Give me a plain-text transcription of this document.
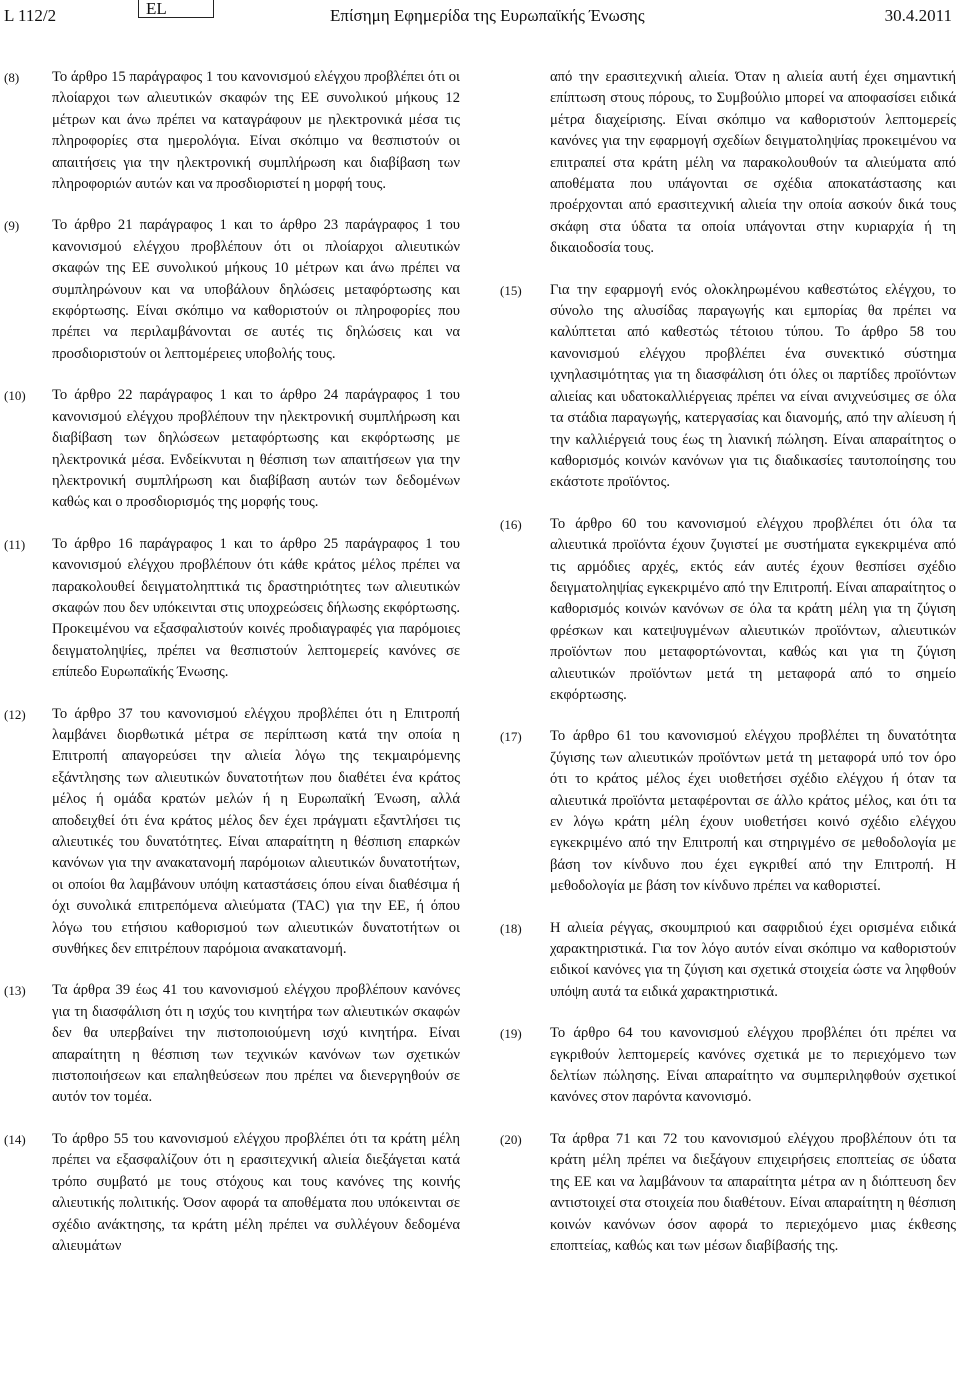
L 112/2	EL	Επίσημη Εφημερίδα της Ευρωπαϊκής Ένωσης	30.4.2011

(8) Το άρθρο 15 παράγραφος 1 του κανονισμού ελέγχου προβλέπει ότι οι πλοίαρχοι των αλιευτικών σκαφών της ΕΕ συνολικού μήκους 12 μέτρων και άνω πρέπει να καταγράφουν με ηλεκτρονικά μέσα τις πληροφορίες στα ημερολόγια. Είναι σκόπιμο να θεσπιστούν οι απαιτήσεις για την ηλεκτρονική συμπλήρωση και διαβίβαση των πληροφοριών αυτών και να προσδιοριστεί η μορφή τους.

(9) Το άρθρο 21 παράγραφος 1 και το άρθρο 23 παράγραφος 1 του κανονισμού ελέγχου προβλέπουν ότι οι πλοίαρχοι αλιευτικών σκαφών της ΕΕ συνολικού μήκους 10 μέτρων και άνω πρέπει να συμπληρώνουν και να υποβάλουν δηλώσεις μεταφόρτωσης και εκφόρτωσης. Είναι σκόπιμο να καθοριστούν οι πληροφορίες που πρέπει να περιλαμβάνονται σε αυτές τις δηλώσεις και να προσδιοριστούν οι λεπτομέρειες υποβολής τους.

(10) Το άρθρο 22 παράγραφος 1 και το άρθρο 24 παράγραφος 1 του κανονισμού ελέγχου προβλέπουν την ηλεκτρονική συμπλήρωση και διαβίβαση των δηλώσεων μεταφόρτωσης και εκφόρτωσης με ηλεκτρονικά μέσα. Ενδείκνυται η θέσπιση των απαιτήσεων για την ηλεκτρονική συμπλήρωση και διαβίβαση αυτών των δεδομένων καθώς και ο προσδιορισμός της μορφής τους.

(11) Το άρθρο 16 παράγραφος 1 και το άρθρο 25 παράγραφος 1 του κανονισμού ελέγχου προβλέπουν ότι κάθε κράτος μέλος πρέπει να παρακολουθεί δειγματοληπτικά τις δραστηριότητες των αλιευτικών σκαφών που δεν υπόκεινται στις υποχρεώσεις δήλωσης εκφόρτωσης. Προκειμένου να εξασφαλιστούν κοινές προδιαγραφές για παρόμοιες δειγματοληψίες, πρέπει να θεσπιστούν λεπτομερείς κανόνες σε επίπεδο Ευρωπαϊκής Ένωσης.

(12) Το άρθρο 37 του κανονισμού ελέγχου προβλέπει ότι η Επιτροπή λαμβάνει διορθωτικά μέτρα σε περίπτωση κατά την οποία η Επιτροπή απαγορεύσει την αλιεία λόγω της τεκμαιρόμενης εξάντλησης των αλιευτικών δυνατοτήτων που διαθέτει ένα κράτος μέλος ή ομάδα κρατών μελών ή η Ευρωπαϊκή Ένωση, αλλά αποδειχθεί ότι ένα κράτος μέλος δεν έχει πράγματι εξαντλήσει τις αλιευτικές του δυνατότητες. Είναι απαραίτητη η θέσπιση επαρκών κανόνων για την ανακατανομή παρόμοιων αλιευτικών δυνατοτήτων, οι οποίοι θα λαμβάνουν υπόψη καταστάσεις όπου είναι διαθέσιμα ή όχι συνολικά επιτρεπόμενα αλιεύματα (TAC) για την ΕΕ, ή όπου λόγω του ετήσιου καθορισμού των αλιευτικών δυνατοτήτων οι συνθήκες δεν επιτρέπουν παρόμοια ανακατανομή.

(13) Τα άρθρα 39 έως 41 του κανονισμού ελέγχου προβλέπουν κανόνες για τη διασφάλιση ότι η ισχύς του κινητήρα των αλιευτικών σκαφών δεν θα υπερβαίνει την πιστοποιούμενη ισχύ κινητήρα. Είναι απαραίτητη η θέσπιση των τεχνικών κανόνων των σχετικών πιστοποιήσεων και επαληθεύσεων που πρέπει να διενεργηθούν σε αυτόν τον τομέα.

(14) Το άρθρο 55 του κανονισμού ελέγχου προβλέπει ότι τα κράτη μέλη πρέπει να εξασφαλίζουν ότι η ερασιτεχνική αλιεία διεξάγεται κατά τρόπο συμβατό με τους στόχους και τους κανόνες της κοινής αλιευτικής πολιτικής. Όσον αφορά τα αποθέματα που υπόκεινται σε σχέδιο ανάκτησης, τα κράτη μέλη πρέπει να συλλέγουν δεδομένα αλιευμάτων

από την ερασιτεχνική αλιεία. Όταν η αλιεία αυτή έχει σημαντική επίπτωση στους πόρους, το Συμβούλιο μπορεί να αποφασίσει ειδικά μέτρα διαχείρισης. Είναι σκόπιμο να καθοριστούν λεπτομερείς κανόνες για την εφαρμογή σχεδίων δειγματοληψίας προκειμένου να επιτραπεί στα κράτη μέλη να παρακολουθούν τα αλιεύματα από αποθέματα που υπάγονται σε σχέδια αποκατάστασης και προέρχονται από ερασιτεχνική αλιεία την οποία ασκούν δικά τους σκάφη στα ύδατα τα οποία υπάγονται στην κυριαρχία ή τη δικαιοδοσία τους.

(15) Για την εφαρμογή ενός ολοκληρωμένου καθεστώτος ελέγχου, το σύνολο της αλυσίδας παραγωγής και εμπορίας θα πρέπει να καλύπτεται από καθεστώς τέτοιου τύπου. Το άρθρο 58 του κανονισμού ελέγχου προβλέπει ένα συνεκτικό σύστημα ιχνηλασιμότητας για τη διασφάλιση ότι όλες οι παρτίδες προϊόντων αλιείας και υδατοκαλλιέργειας πρέπει να είναι ανιχνεύσιμες σε όλα τα στάδια παραγωγής, κατεργασίας και διανομής, από την αλίευση ή την καλλιέργειά τους έως τη λιανική πώληση. Είναι απαραίτητος ο καθορισμός κοινών κανόνων για τις διαδικασίες ταυτοποίησης του εκάστοτε προϊόντος.

(16) Το άρθρο 60 του κανονισμού ελέγχου προβλέπει ότι όλα τα αλιευτικά προϊόντα έχουν ζυγιστεί με συστήματα εγκεκριμένα από τις αρμόδιες αρχές, εκτός εάν αυτές έχουν θεσπίσει σχέδιο δειγματοληψίας εγκεκριμένο από την Επιτροπή. Είναι απαραίτητος ο καθορισμός κοινών κανόνων σε όλα τα κράτη μέλη για τη ζύγιση φρέσκων και κατεψυγμένων αλιευτικών προϊόντων, αλιευτικών προϊόντων που μεταφορτώνονται, καθώς και για τη ζύγιση αλιευτικών προϊόντων μετά τη μεταφορά από το σημείο εκφόρτωσης.

(17) Το άρθρο 61 του κανονισμού ελέγχου προβλέπει τη δυνατότητα ζύγισης των αλιευτικών προϊόντων μετά τη μεταφορά υπό τον όρο ότι το κράτος μέλος έχει υιοθετήσει σχέδιο ελέγχου ή όταν τα αλιευτικά προϊόντα μεταφέρονται σε άλλο κράτος μέλος, και ότι τα εν λόγω κράτη μέλη έχουν υιοθετήσει κοινό σχέδιο ελέγχου εγκεκριμένο από την Επιτροπή και στηριγμένο σε μεθοδολογία με βάση τον κίνδυνο που έχει εγκριθεί από την Επιτροπή. Η μεθοδολογία με βάση τον κίνδυνο πρέπει να καθοριστεί.

(18) Η αλιεία ρέγγας, σκουμπριού και σαφριδιού έχει ορισμένα ειδικά χαρακτηριστικά. Για τον λόγο αυτόν είναι σκόπιμο να καθοριστούν ειδικοί κανόνες για τη ζύγιση και σχετικά στοιχεία ώστε να ληφθούν υπόψη αυτά τα ειδικά χαρακτηριστικά.

(19) Το άρθρο 64 του κανονισμού ελέγχου προβλέπει ότι πρέπει να εγκριθούν λεπτομερείς κανόνες σχετικά με το περιεχόμενο των δελτίων πώλησης. Είναι απαραίτητο να συμπεριληφθούν σχετικοί κανόνες στον παρόντα κανονισμό.

(20) Τα άρθρα 71 και 72 του κανονισμού ελέγχου προβλέπουν ότι τα κράτη μέλη πρέπει να διεξάγουν επιχειρήσεις εποπτείας σε ύδατα της ΕΕ και να λαμβάνουν τα απαραίτητα μέτρα αν η διόπτευση δεν αντιστοιχεί στα στοιχεία που διαθέτουν. Είναι απαραίτητη η θέσπιση κοινών κανόνων όσον αφορά το περιεχόμενο μιας έκθεσης εποπτείας, καθώς και των μέσων διαβίβασής της.
